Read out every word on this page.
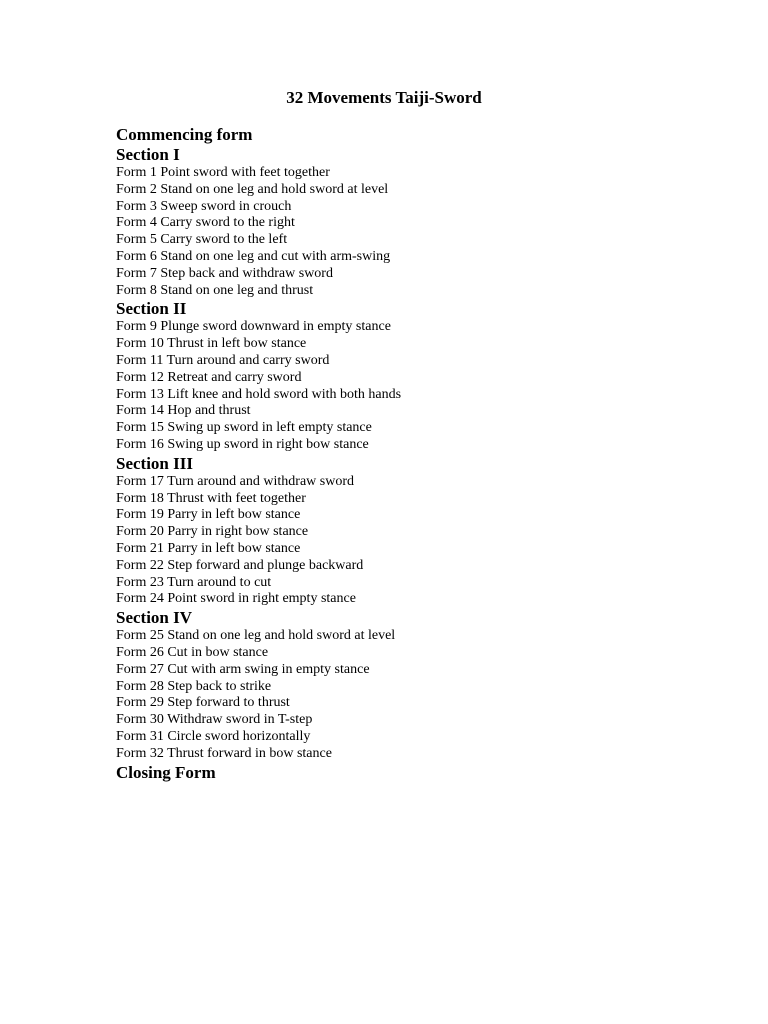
32 Movements Taiji-Sword
Commencing form
Section I

Form 1 Point sword with feet together

Form 2 Stand on one leg and hold sword at level

Form 3 Sweep sword in crouch

Form 4 Carry sword to the right

Form 5 Carry sword to the left

Form 6 Stand on one leg and cut with arm-swing

Form 7 Step back and withdraw sword

Form 8 Stand on one leg and thrust

Section II

Form 9 Plunge sword downward in empty stance

Form 10 Thrust in left bow stance

Form 11 Turn around and carry sword

Form 12 Retreat and carry sword

Form 13 Lift knee and hold sword with both hands

Form 14 Hop and thrust

Form 15 Swing up sword in left empty stance

Form 16 Swing up sword in right bow stance

Section III

Form 17 Turn around and withdraw sword

Form 18 Thrust with feet together

Form 19 Parry in left bow stance

Form 20 Parry in right bow stance

Form 21 Parry in left bow stance

Form 22 Step forward and plunge backward

Form 23 Turn around to cut

Form 24 Point sword in right empty stance

Section IV

Form 25 Stand on one leg and hold sword at level

Form 26 Cut in bow stance

Form 27 Cut with arm swing in empty stance

Form 28 Step back to strike

Form 29 Step forward to thrust

Form 30 Withdraw sword in T-step

Form 31 Circle sword horizontally

Form 32 Thrust forward in bow stance

Closing Form
